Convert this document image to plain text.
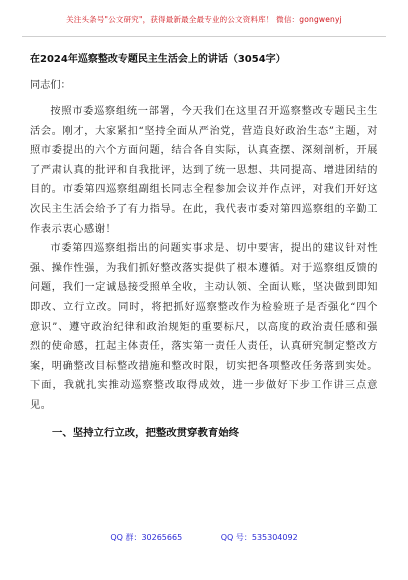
关注头条号"公文研究"，获得最新最全最专业的公文资料库！ 微信：gongwenyj
在2024年巡察整改专题民主生活会上的讲话（3054字）
同志们：

按照市委巡察组统一部署，今天我们在这里召开巡察整改专题民主生活会。刚才，大家紧扣“坚持全面从严治党，营造良好政治生态”主题，对照市委提出的六个方面问题，结合各自实际，认真查摆、深刻剖析，开展了严肃认真的批评和自我批评，达到了统一思想、共同提高、增进团结的目的。市委第四巡察组副组长同志全程参加会议并作点评，对我们开好这次民主生活会给予了有力指导。在此，我代表市委对第四巡察组的辛勤工作表示衷心感谢！

市委第四巡察组指出的问题实事求是、切中要害，提出的建议针对性强、操作性强，为我们抓好整改落实提供了根本遵循。对于巡察组反馈的问题，我们一定诚恳接受照单全收，主动认领、全面认账，坚决做到即知即改、立行立改。同时，将把抓好巡察整改作为检验班子是否强化“四个意识”、遵守政治纪律和政治规矩的重要标尺，以高度的政治责任感和强烈的使命感，扛起主体责任，落实第一责任人责任，认真研究制定整改方案，明确整改目标整改措施和整改时限，切实把各项整改任务落到实处。下面，我就扎实推动巡察整改取得成效，进一步做好下步工作讲三点意见。

一、坚持立行立改，把整改贯穿教育始终
QQ 群：30265665	QQ 号：535304092
